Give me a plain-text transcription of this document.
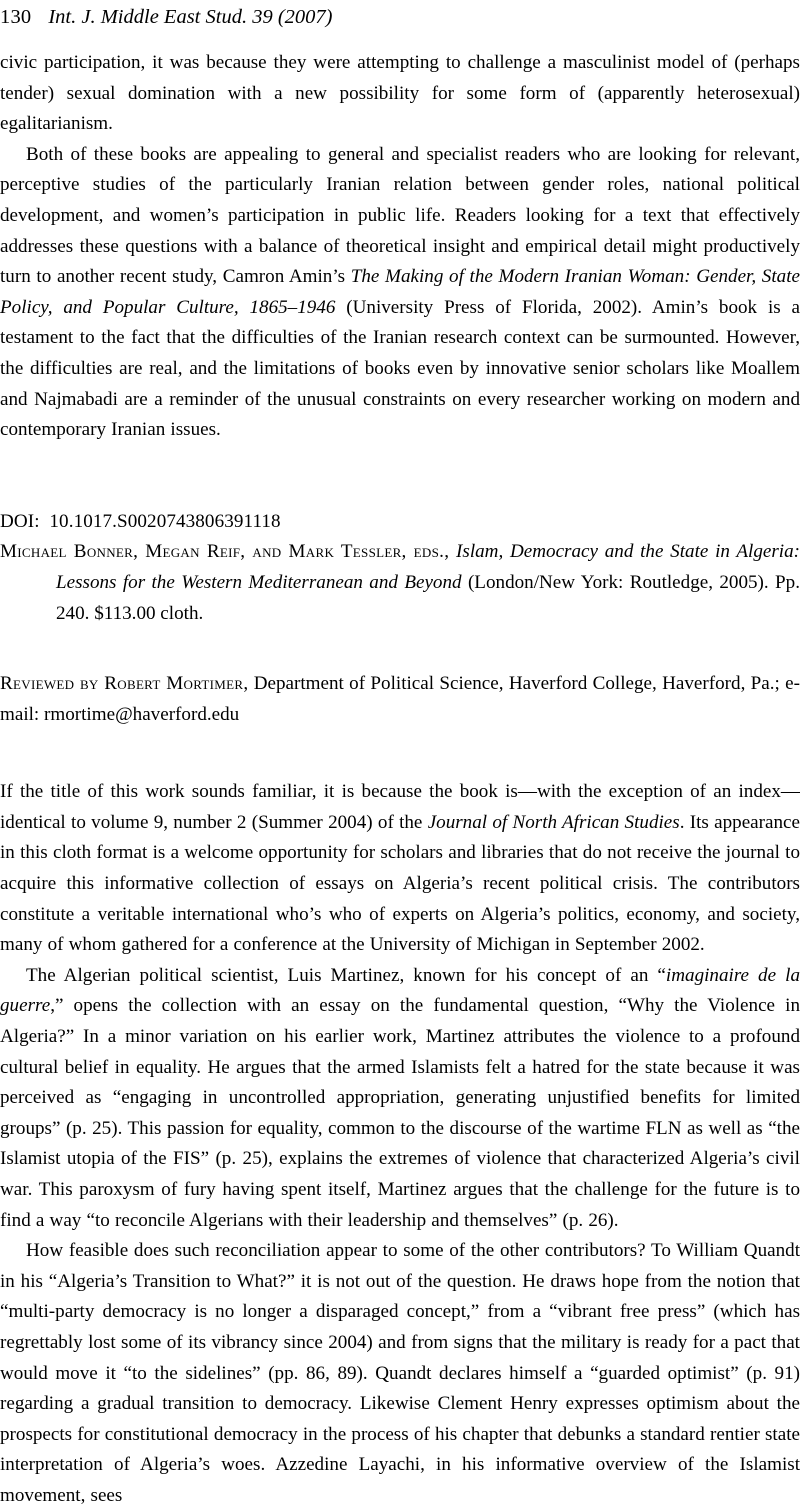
130 Int. J. Middle East Stud. 39 (2007)

civic participation, it was because they were attempting to challenge a masculinist model of (perhaps tender) sexual domination with a new possibility for some form of (apparently heterosexual) egalitarianism.

Both of these books are appealing to general and specialist readers who are looking for relevant, perceptive studies of the particularly Iranian relation between gender roles, national political development, and women’s participation in public life. Readers looking for a text that effectively addresses these questions with a balance of theoretical insight and empirical detail might productively turn to another recent study, Camron Amin’s The Making of the Modern Iranian Woman: Gender, State Policy, and Popular Culture, 1865–1946 (University Press of Florida, 2002). Amin’s book is a testament to the fact that the difficulties of the Iranian research context can be surmounted. However, the difficulties are real, and the limitations of books even by innovative senior scholars like Moallem and Najmabadi are a reminder of the unusual constraints on every researcher working on modern and contemporary Iranian issues.

DOI: 10.1017.S0020743806391118

Michael Bonner, Megan Reif, and Mark Tessler, eds., Islam, Democracy and the State in Algeria: Lessons for the Western Mediterranean and Beyond (London/New York: Routledge, 2005). Pp. 240. $113.00 cloth.

Reviewed by Robert Mortimer, Department of Political Science, Haverford College, Haverford, Pa.; e-mail: rmortime@haverford.edu

If the title of this work sounds familiar, it is because the book is—with the exception of an index—identical to volume 9, number 2 (Summer 2004) of the Journal of North African Studies. Its appearance in this cloth format is a welcome opportunity for scholars and libraries that do not receive the journal to acquire this informative collection of essays on Algeria’s recent political crisis. The contributors constitute a veritable international who’s who of experts on Algeria’s politics, economy, and society, many of whom gathered for a conference at the University of Michigan in September 2002.

The Algerian political scientist, Luis Martinez, known for his concept of an “imaginaire de la guerre,” opens the collection with an essay on the fundamental question, “Why the Violence in Algeria?” In a minor variation on his earlier work, Martinez attributes the violence to a profound cultural belief in equality. He argues that the armed Islamists felt a hatred for the state because it was perceived as “engaging in uncontrolled appropriation, generating unjustified benefits for limited groups” (p. 25). This passion for equality, common to the discourse of the wartime FLN as well as “the Islamist utopia of the FIS” (p. 25), explains the extremes of violence that characterized Algeria’s civil war. This paroxysm of fury having spent itself, Martinez argues that the challenge for the future is to find a way “to reconcile Algerians with their leadership and themselves” (p. 26).

How feasible does such reconciliation appear to some of the other contributors? To William Quandt in his “Algeria’s Transition to What?” it is not out of the question. He draws hope from the notion that “multi-party democracy is no longer a disparaged concept,” from a “vibrant free press” (which has regrettably lost some of its vibrancy since 2004) and from signs that the military is ready for a pact that would move it “to the sidelines” (pp. 86, 89). Quandt declares himself a “guarded optimist” (p. 91) regarding a gradual transition to democracy. Likewise Clement Henry expresses optimism about the prospects for constitutional democracy in the process of his chapter that debunks a standard rentier state interpretation of Algeria’s woes. Azzedine Layachi, in his informative overview of the Islamist movement, sees
